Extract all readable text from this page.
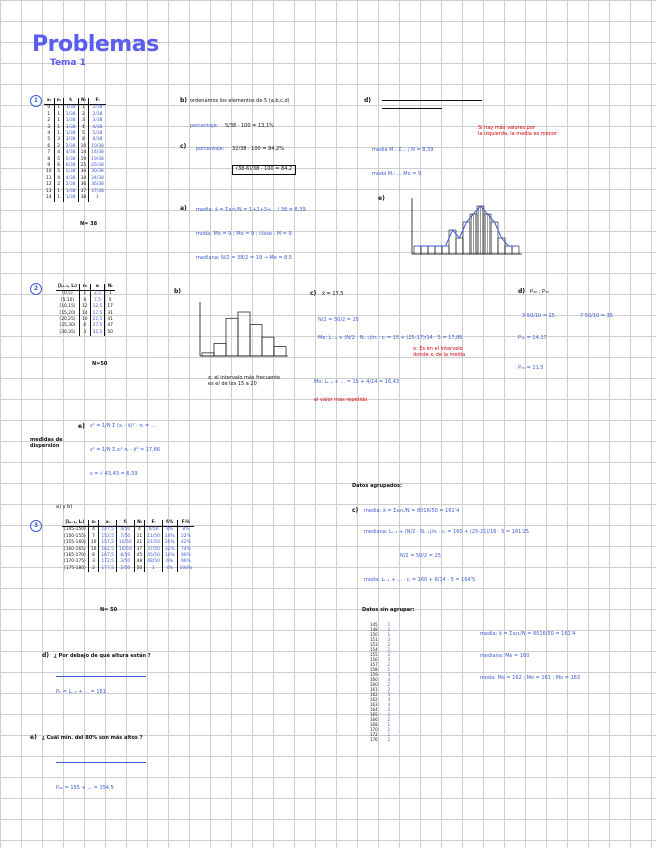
Problemas
Tema 1
1	xᵢ	nᵢ	fᵢ	Nᵢ	Fᵢ
0	1	1/38	1	1/38
1	1	1/38	2	2/38
2	1	1/38	3	3/38
3	1	1/38	4	4/38
4	1	1/38	5	5/38
5	3	3/38	8	8/38
6	2	2/38	10	10/38
7	4	4/38	14	14/38
8	5	5/38	19	19/38
9	6	6/38	25	25/38
10	5	5/38	30	30/38
11	4	4/38	34	34/38
12	2	2/38	36	36/38
13	1	1/38	37	37/38
14	1	1/38	38	1
N= 38
b) ordenamos los elementos de 5 (a,b,c,d)
porcentaje: 5/38 · 100 = 13,1%
c) porcentaje: 32/38 · 100 = 84,2%
(38-6)/38 · 100 = 84,2
a) media: x̄ = Σxᵢnᵢ/N = 1+2+3+... / 38 = 8,39
moda: Mo = 9 ; Mo = 9 ; clase : M = 9
mediana: N/2 = 38/2 = 19 → Me = 8,5
d)
media M.: Σ... / N = 8,39
moda M.: ... Mo = 9
Si hay más valores por
la izquierda, la media es menor
e)
2	[Lᵢ₋₁, Lᵢ)	nᵢ	xᵢ	Nᵢ
[0,5)	1	2,5	1
[5,10)	4	7,5	5
[10,15)	12	12,5	17
[15,20)	14	17,5	31
[20,25)	10	22,5	41
[25,30)	6	27,5	47
[30,35)	3	32,5	50
N=50
b)
x: el intervalo más frecuente
es el de los 15 a 20
c) x̄ = 17,5
N/2 = 50/2 = 25
Me: Lᵢ₋₁ + (N/2 - Nᵢ₋₁)/nᵢ · cᵢ = 15 + (25-17)/14 · 5 = 17,86
o: Es en el intervalo
donde xᵢ de la media
Mo: Lᵢ₋₁ + ... = 15 + 4/14 = 16,43
el valor más repetido
d) P₃₀ ; P₇₀
3·50/10 = 15
P₃₀ = 14,17
7·50/10 = 35
P₇₀ = 21,5
e)
medidas de dispersión
s² = 1/N Σ (xᵢ - x̄)² · nᵢ = ...
s² = 1/N Σ xᵢ² nᵢ - x̄² = 17,66
s = √ 43,43 = 6,59
a) y b)
3	[Lᵢ₋₁, Lᵢ)	nᵢ	xᵢ	fᵢ	Nᵢ	Fᵢ	fᵢ%	Fᵢ%
[145-150)	4	147,5	4/50	4	4/50	8%	8%
[150-155)	7	152,5	7/50	11	11/50	14%	22%
[155-160)	10	157,5	10/50	21	21/50	20%	42%
[160-165)	16	162,5	16/50	37	37/50	32%	74%
[165-170)	8	167,5	8/50	45	45/50	16%	90%
[170-175)	3	172,5	3/50	48	48/50	6%	96%
[175-180)	2	177,5	2/50	50	1	4%	100%
N= 50
d) ¿ Por debajo de qué altura están ?
Pₖ = Lᵢ₋₁ + ... = 161
e) ¿ Cuál mín. del 80% son más altos ?
P₂₀ = 155 + ... = 154,5
Datos agrupados:
c) media: x̄ = Σxᵢnᵢ/N = 8016/50 = 161'4
mediana: Lᵢ₋₁ + (N/2 - Nᵢ₋₁)/nᵢ · cᵢ = 160 + (25-21)/16 · 5 = 161'25
N/2 = 50/2 = 25
moda: Lᵢ₋₁ + ... · cᵢ = 160 + 6/14 · 5 = 164'5
Datos sin agrupar:
145	1
148	2
150	1
151	3
153	2
154	1
155	2
156	3
157	2
158	1
159	3
160	4
160	2
161	2
162	5
162	3
163	4
164	2
165	1
166	2
168	1
170	2
172	1
176	2
media: x̄ = Σxᵢnᵢ/N = 8016/50 = 161'4
mediana: Me = 160
moda: Mo = 162 ; Mo = 161 ; Mo = 163
